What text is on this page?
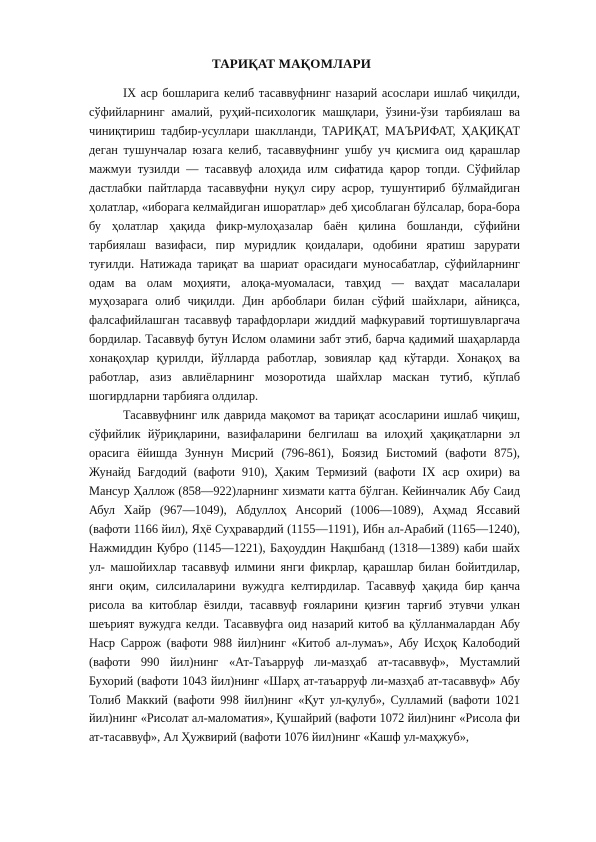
ТАРИҚАТ МАҚОМЛАРИ

IX аср бошларига келиб тасаввуфнинг назарий асослари ишлаб чиқилди, сўфийларнинг амалий, руҳий-психологик машқлари, ўзини-ўзи тарбиялаш ва чиниқтириш тадбир-усуллари шаклланди, ТАРИҚАТ, МАЪРИФАТ, ҲАҚИҚАТ деган тушунчалар юзага келиб, тасаввуфнинг ушбу уч қисмига оид қарашлар мажмуи тузилди — тасаввуф алоҳида илм сифатида қарор топди. Сўфийлар дастлабки пайтларда тасаввуфни нуқул сиру асрор, тушунтириб бўлмайдиган ҳолатлар, «иборага келмайдиган ишоратлар» деб ҳисоблаган бўлсалар, бора-бора бу ҳолатлар ҳақида фикр-мулоҳазалар баён қилина бошланди, сўфийни тарбиялаш вазифаси, пир муридлик қоидалари, одобини яратиш зарурати туғилди. Натижада тариқат ва шариат орасидаги муносабатлар, сўфийларнинг одам ва олам моҳияти, алоқа-муомаласи, тавҳид — ваҳдат масалалари муҳозарага олиб чиқилди. Дин арбоблари билан сўфий шайхлари, айниқса, фалсафийлашган тасаввуф тарафдорлари жиддий мафкуравий тортишувларгача бордилар. Тасаввуф бутун Ислом оламини забт этиб, барча қадимий шаҳарларда хонақоҳлар қурилди, йўлларда работлар, зовиялар қад кўтарди. Хонақоҳ ва работлар, азиз авлиёларнинг мозоротида шайхлар маскан тутиб, кўплаб шогирдларни тарбияга олдилар.

Тасаввуфнинг илк даврида мақомот ва тариқат асосларини ишлаб чиқиш, сўфийлик йўриқларини, вазифаларини белгилаш ва илоҳий ҳақиқатларни эл орасига ёйишда Зуннун Мисрий (796-861), Боязид Бистомий (вафоти 875), Жунайд Бағдодий (вафоти 910), Ҳаким Термизий (вафоти IX аср охири) ва Мансур Ҳаллож (858—922)ларнинг хизмати катта бўлган. Кейинчалик Абу Саид Абул Хайр (967—1049), Абдуллоҳ Ансорий (1006—1089), Аҳмад Яссавий (вафоти 1166 йил), Яҳё Суҳравардий (1155—1191), Ибн ал-Арабий (1165—1240), Нажмиддин Кубро (1145—1221), Баҳоуддин Нақшбанд (1318—1389) каби шайх ул- машойихлар тасаввуф илмини янги фикрлар, қарашлар билан бойитдилар, янги оқим, силсилаларини вужудга келтирдилар. Тасаввуф ҳақида бир қанча рисола ва китоблар ёзилди, тасаввуф ғояларини қизғин тарғиб этувчи улкан шеърият вужудга келди. Тасаввуфга оид назарий китоб ва қўлланмалардан Абу Наср Саррож (вафоти 988 йил)нинг «Китоб ал-лумаъ», Абу Исҳоқ Калободий (вафоти 990 йил)нинг «Ат-Таъарруф ли-мазҳаб ат-тасаввуф», Мустамлий Бухорий (вафоти 1043 йил)нинг «Шарҳ ат-таъарруф ли-мазҳаб ат-тасаввуф» Абу Толиб Маккий (вафоти 998 йил)нинг «Қут ул-қулуб», Сулламий (вафоти 1021 йил)нинг «Рисолат ал-маломатия», Қушайрий (вафоти 1072 йил)нинг «Рисола фи ат-тасаввуф», Ал Ҳужвирий (вафоти 1076 йил)нинг «Кашф ул-маҳжуб»,
